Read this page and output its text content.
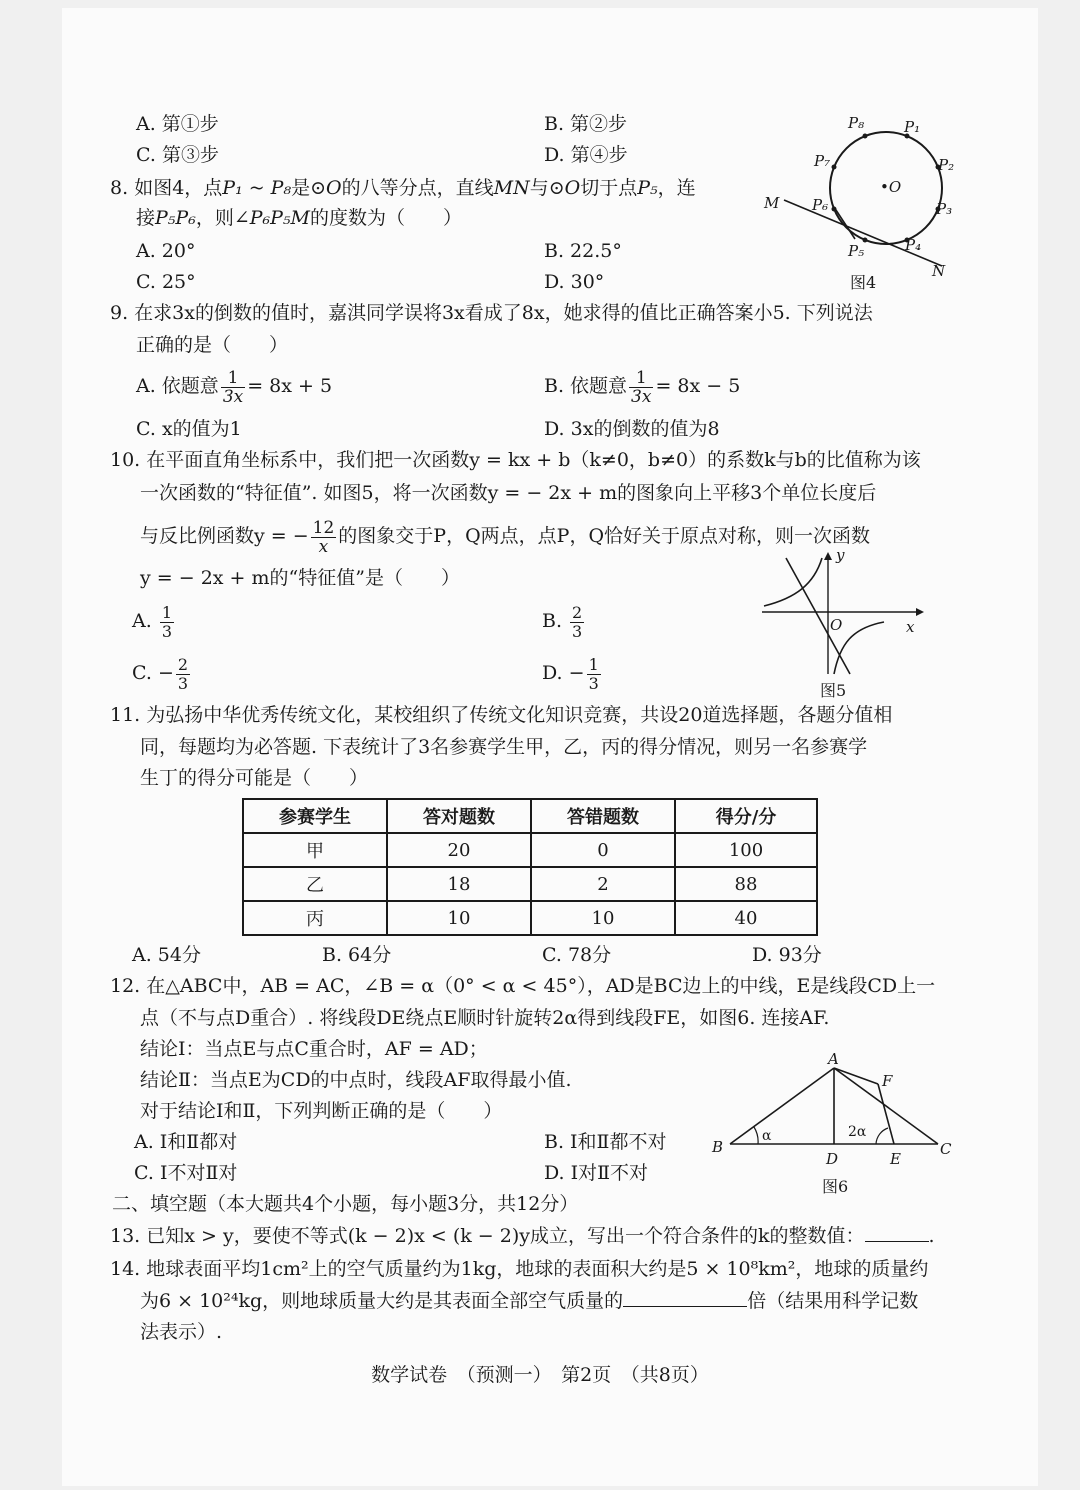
A. 第①步	B. 第②步
C. 第③步	D. 第④步
8. 如图4，点P₁ ~ P₈是⊙O的八等分点，直线MN与⊙O切于点P₅，连
接P₅P₆，则∠P₆P₅M的度数为（　　）
A. 20°	B. 22.5°
C. 25°	D. 30°
P₈	P₁
P₂
P₃
P₄
P₅
P₆
P₇
•O
M
N
图4
9. 在求3x的倒数的值时，嘉淇同学误将3x看成了8x，她求得的值比正确答案小5. 下列说法
正确的是（　　）
A. 依题意 $\frac{1}{3x} = 8x + 5$	B. 依题意 $\frac{1}{3x} = 8x - 5$
C. x的值为1	D. 3x的倒数的值为8
10. 在平面直角坐标系中，我们把一次函数y = kx + b（k≠0，b≠0）的系数k与b的比值称为该
一次函数的“特征值”. 如图5，将一次函数y = − 2x + m的图象向上平移3个单位长度后
与反比例函数y = − $\frac{12}{x}$ 的图象交于P，Q两点，点P，Q恰好关于原点对称，则一次函数
y = − 2x + m的“特征值”是（　　）
A. $\frac{1}{3}$	B. $\frac{2}{3}$
C. − $\frac{2}{3}$	D. − $\frac{1}{3}$
y
x
O
图5
11. 为弘扬中华优秀传统文化，某校组织了传统文化知识竞赛，共设20道选择题，各题分值相
同，每题均为必答题. 下表统计了3名参赛学生甲，乙，丙的得分情况，则另一名参赛学
生丁的得分可能是（　　）
参赛学生	答对题数	答错题数	得分/分
甲	20	0	100
乙	18	2	88
丙	10	10	40
A. 54分	B. 64分	C. 78分	D. 93分
12. 在△ABC中，AB = AC，∠B = α（0° < α < 45°），AD是BC边上的中线，E是线段CD上一
点（不与点D重合）. 将线段DE绕点E顺时针旋转2α得到线段FE，如图6. 连接AF.
结论Ⅰ：当点E与点C重合时，AF = AD；
结论Ⅱ：当点E为CD的中点时，线段AF取得最小值.
对于结论Ⅰ和Ⅱ，下列判断正确的是（　　）
A. Ⅰ和Ⅱ都对	B. Ⅰ和Ⅱ都不对
C. Ⅰ不对Ⅱ对	D. Ⅰ对Ⅱ不对
A
F
B
α	2α
D	E
C
图6
二、填空题（本大题共4个小题，每小题3分，共12分）
13. 已知x > y，要使不等式(k − 2)x < (k − 2)y成立，写出一个符合条件的k的整数值：	.
14. 地球表面平均1cm²上的空气质量约为1kg，地球的表面积大约是5 × 10⁸km²，地球的质量约
为6 × 10²⁴kg，则地球质量大约是其表面全部空气质量的	倍（结果用科学记数
法表示）.
数学试卷　（预测一）　第2页　（共8页）
